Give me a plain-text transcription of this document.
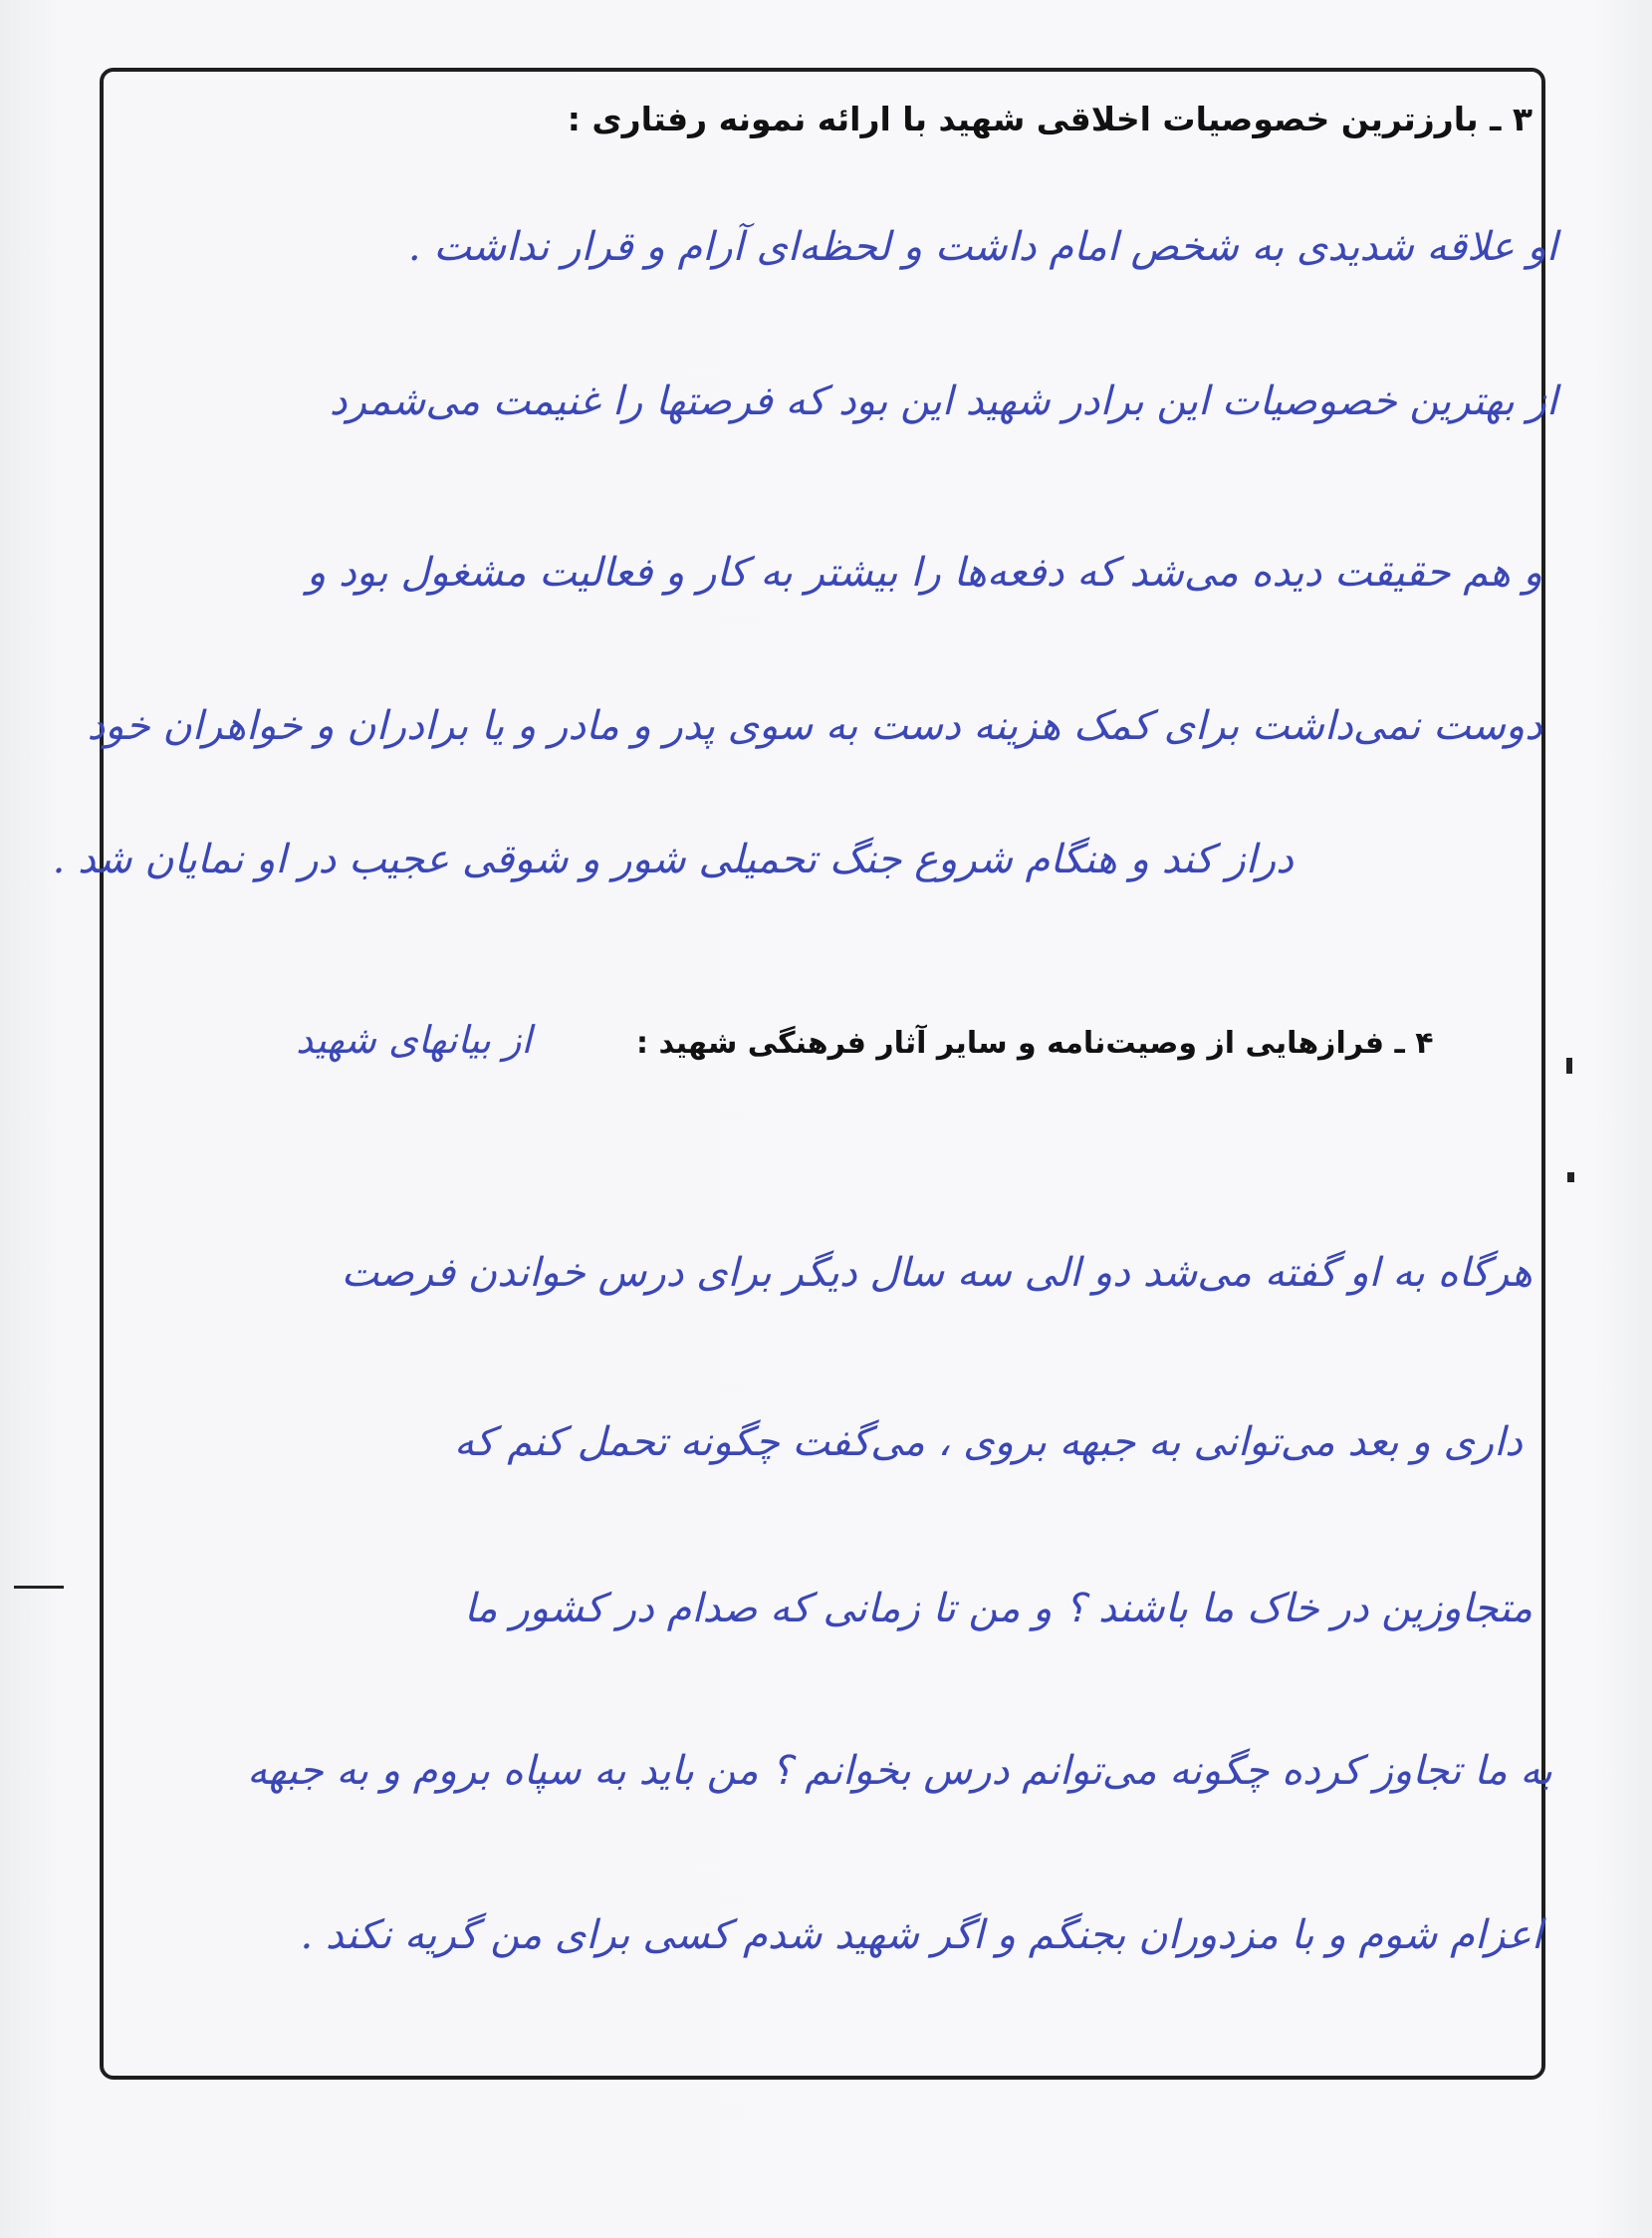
۳ ـ بارزترین خصوصیات اخلاقی شهید با ارائه نمونه رفتاری :
او علاقه شدیدی به شخص امام داشت و لحظه‌ای آرام و قرار نداشت .
از بهترین خصوصیات این برادر شهید این بود که فرصتها را غنیمت می‌شمرد
و هم حقیقت دیده می‌شد که دفعه‌ها را بیشتر به کار و فعالیت مشغول بود و
دوست نمی‌داشت برای کمک هزینه دست به سوی پدر و مادر و یا برادران و خواهران خود
دراز کند و هنگام شروع جنگ تحمیلی شور و شوقی عجیب در او نمایان شد .
۴ ـ فرازهایی از وصیت‌نامه و سایر آثار فرهنگی شهید :
از بیانهای شهید
هرگاه به او گفته می‌شد دو الی سه سال دیگر برای درس خواندن فرصت
داری و بعد می‌توانی به جبهه بروی ، می‌گفت چگونه تحمل کنم که
متجاوزین در خاک ما باشند ؟ و من تا زمانی که صدام در کشور ما
به ما تجاوز کرده چگونه می‌توانم درس بخوانم ؟ من باید به سپاه بروم و به جبهه
اعزام شوم و با مزدوران بجنگم و اگر شهید شدم کسی برای من گریه نکند .
